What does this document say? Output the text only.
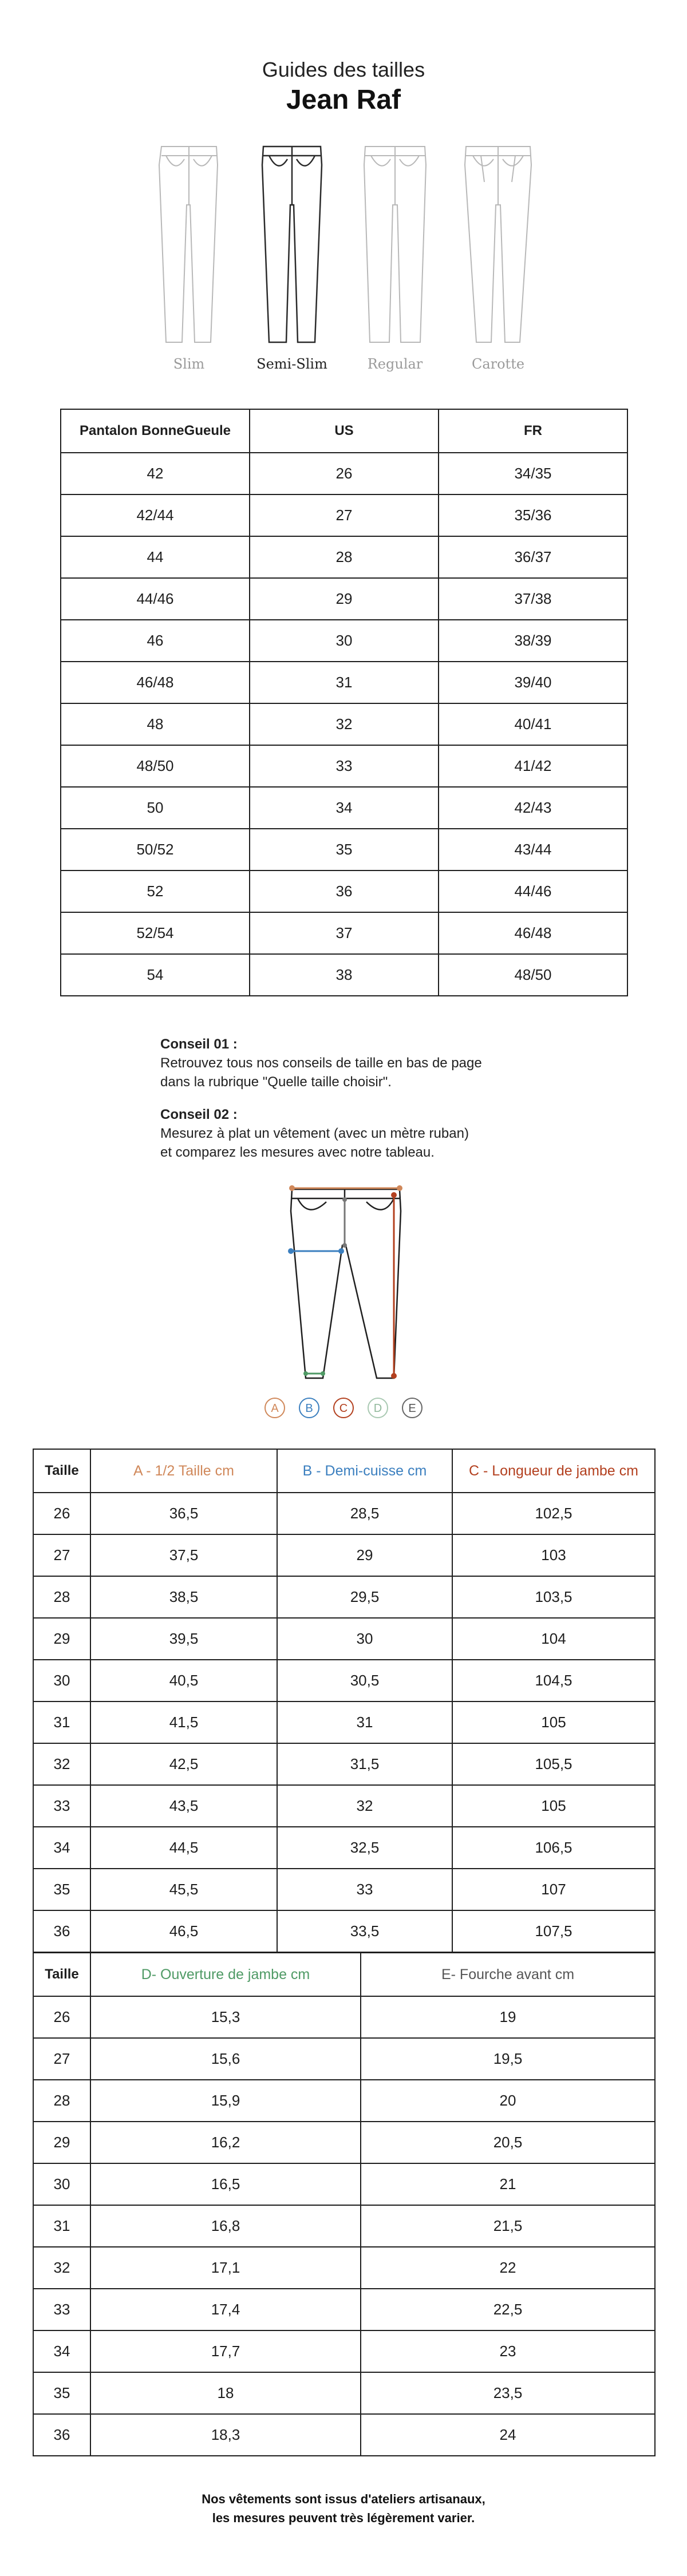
Guides des tailles
Jean Raf
Slim	Semi-Slim	Regular	Carotte
Pantalon BonneGueule	US	FR
42	26	34/35
42/44	27	35/36
44	28	36/37
44/46	29	37/38
46	30	38/39
46/48	31	39/40
48	32	40/41
48/50	33	41/42
50	34	42/43
50/52	35	43/44
52	36	44/46
52/54	37	46/48
54	38	48/50

Conseil 01 :
Retrouvez tous nos conseils de taille en bas de page
dans la rubrique "Quelle taille choisir".

Conseil 02 :
Mesurez à plat un vêtement (avec un mètre ruban)
et comparez les mesures avec notre tableau.

A B C D E
Taille	A - 1/2 Taille cm	B - Demi-cuisse cm	C - Longueur de jambe cm
26	36,5	28,5	102,5
27	37,5	29	103
28	38,5	29,5	103,5
29	39,5	30	104
30	40,5	30,5	104,5
31	41,5	31	105
32	42,5	31,5	105,5
33	43,5	32	105
34	44,5	32,5	106,5
35	45,5	33	107
36	46,5	33,5	107,5
Taille	D- Ouverture de jambe cm	E- Fourche avant cm
26	15,3	19
27	15,6	19,5
28	15,9	20
29	16,2	20,5
30	16,5	21
31	16,8	21,5
32	17,1	22
33	17,4	22,5
34	17,7	23
35	18	23,5
36	18,3	24
Nos vêtements sont issus d'ateliers artisanaux,
les mesures peuvent très légèrement varier.
